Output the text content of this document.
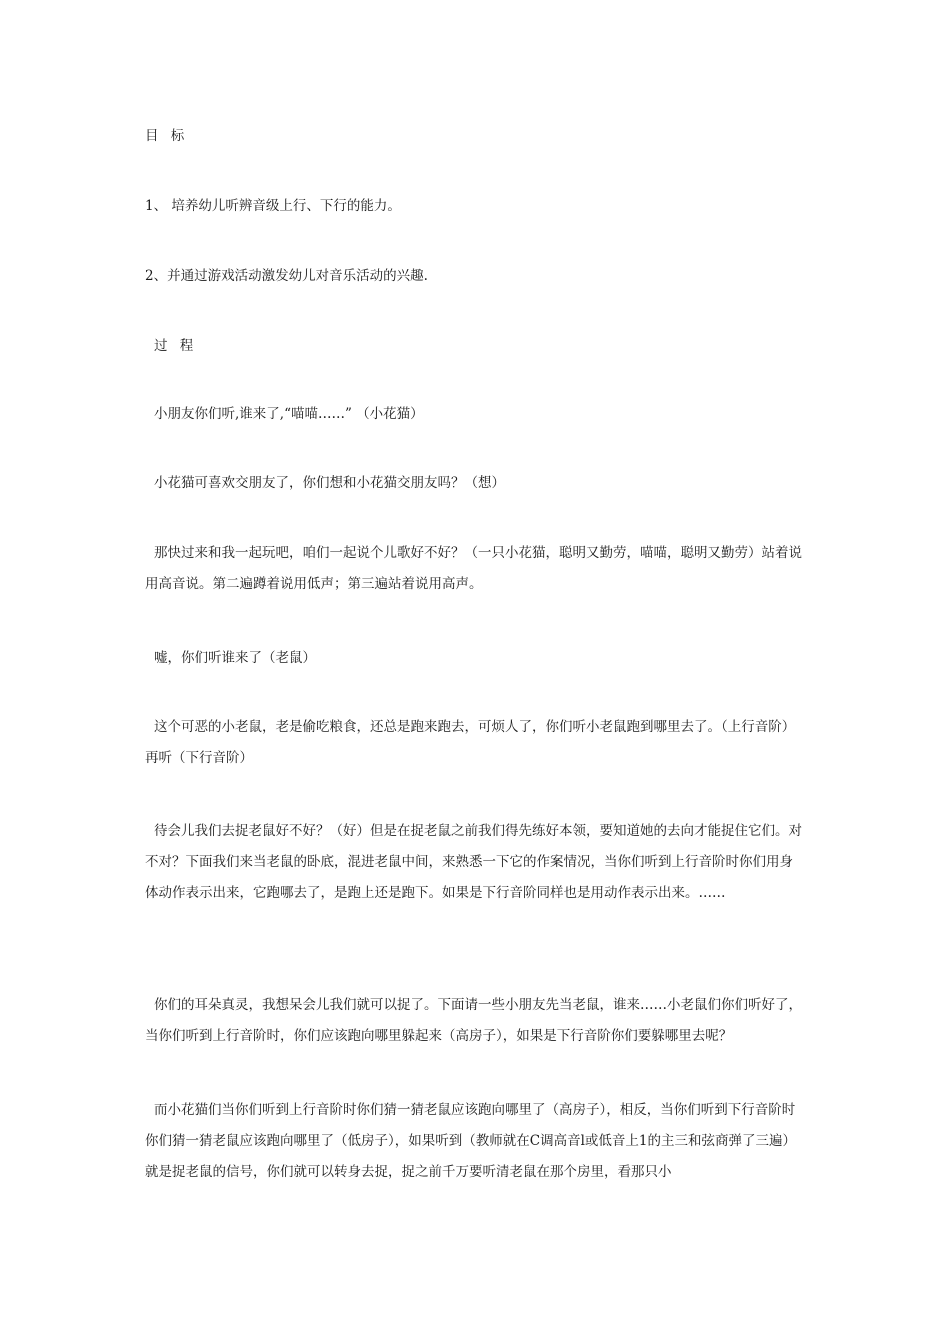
目 标

1、 培养幼儿听辨音级上行、下行的能力。

2、并通过游戏活动激发幼儿对音乐活动的兴趣.

过 程

小朋友你们听,谁来了,“喵喵……” （小花猫）

小花猫可喜欢交朋友了，你们想和小花猫交朋友吗？（想）

那快过来和我一起玩吧，咱们一起说个儿歌好不好？（一只小花猫，聪明又勤劳，喵喵，聪明又勤劳）站着说用高音说。第二遍蹲着说用低声；第三遍站着说用高声。

嘘，你们听谁来了（老鼠）

这个可恶的小老鼠，老是偷吃粮食，还总是跑来跑去，可烦人了，你们听小老鼠跑到哪里去了。（上行音阶）再听（下行音阶）

待会儿我们去捉老鼠好不好？（好）但是在捉老鼠之前我们得先练好本领，要知道她的去向才能捉住它们。对不对？下面我们来当老鼠的卧底，混进老鼠中间，来熟悉一下它的作案情况，当你们听到上行音阶时你们用身体动作表示出来，它跑哪去了，是跑上还是跑下。如果是下行音阶同样也是用动作表示出来。……

你们的耳朵真灵，我想呆会儿我们就可以捉了。下面请一些小朋友先当老鼠，谁来……小老鼠们你们听好了，当你们听到上行音阶时，你们应该跑向哪里躲起来（高房子），如果是下行音阶你们要躲哪里去呢？

而小花猫们当你们听到上行音阶时你们猜一猜老鼠应该跑向哪里了（高房子），相反，当你们听到下行音阶时你们猜一猜老鼠应该跑向哪里了（低房子），如果听到（教师就在C调高音l或低音上1的主三和弦商弹了三遍）就是捉老鼠的信号，你们就可以转身去捉，捉之前千万要听清老鼠在那个房里，看那只小
